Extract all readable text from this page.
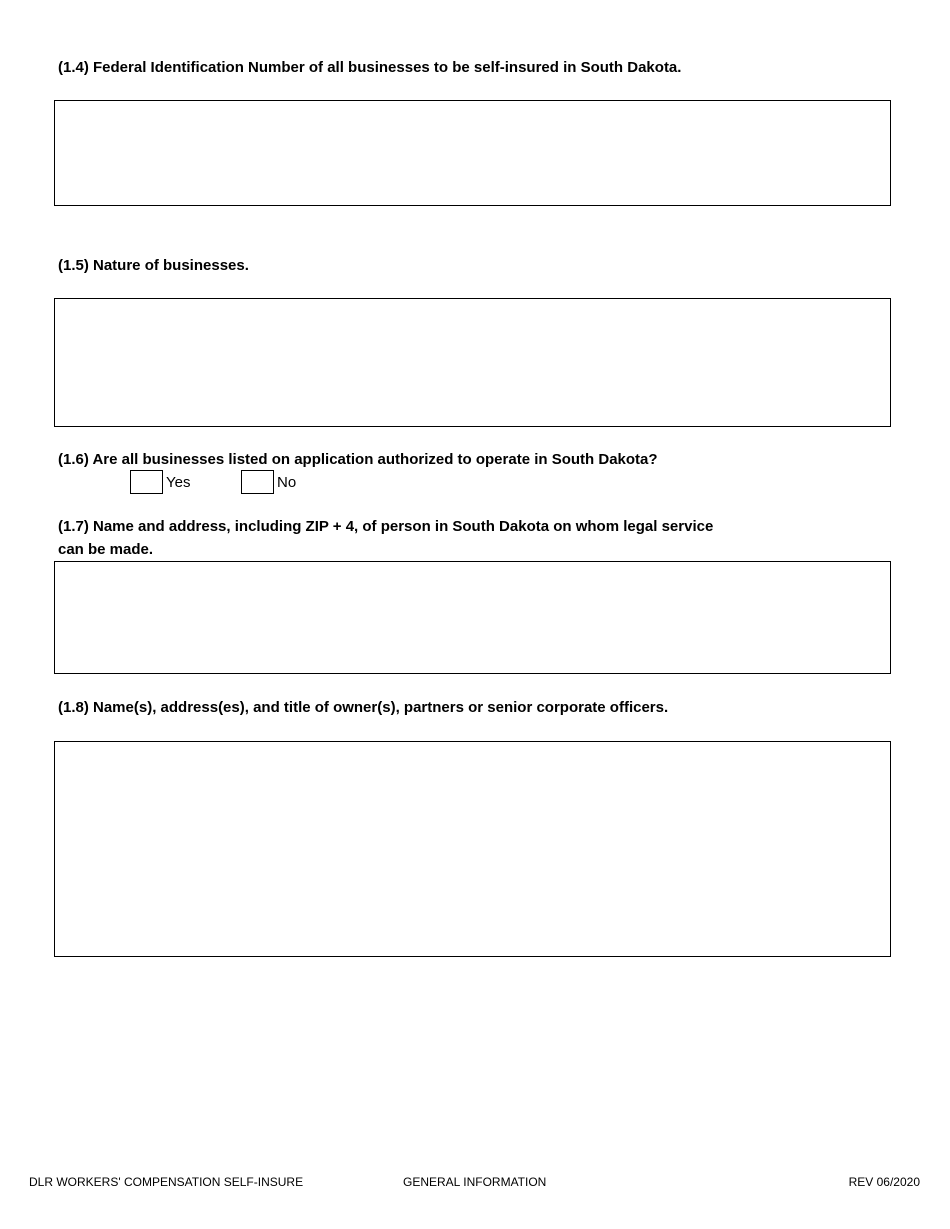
(1.4) Federal Identification Number of all businesses to be self-insured in South Dakota.
(1.5) Nature of businesses.
(1.6) Are all businesses listed on application authorized to operate in South Dakota?
Yes	No
(1.7) Name and address, including ZIP + 4, of person in South Dakota on whom legal service
can be made.
(1.8) Name(s), address(es), and title of owner(s), partners or senior corporate officers.
DLR WORKERS' COMPENSATION SELF-INSURE	GENERAL INFORMATION	REV 06/2020
